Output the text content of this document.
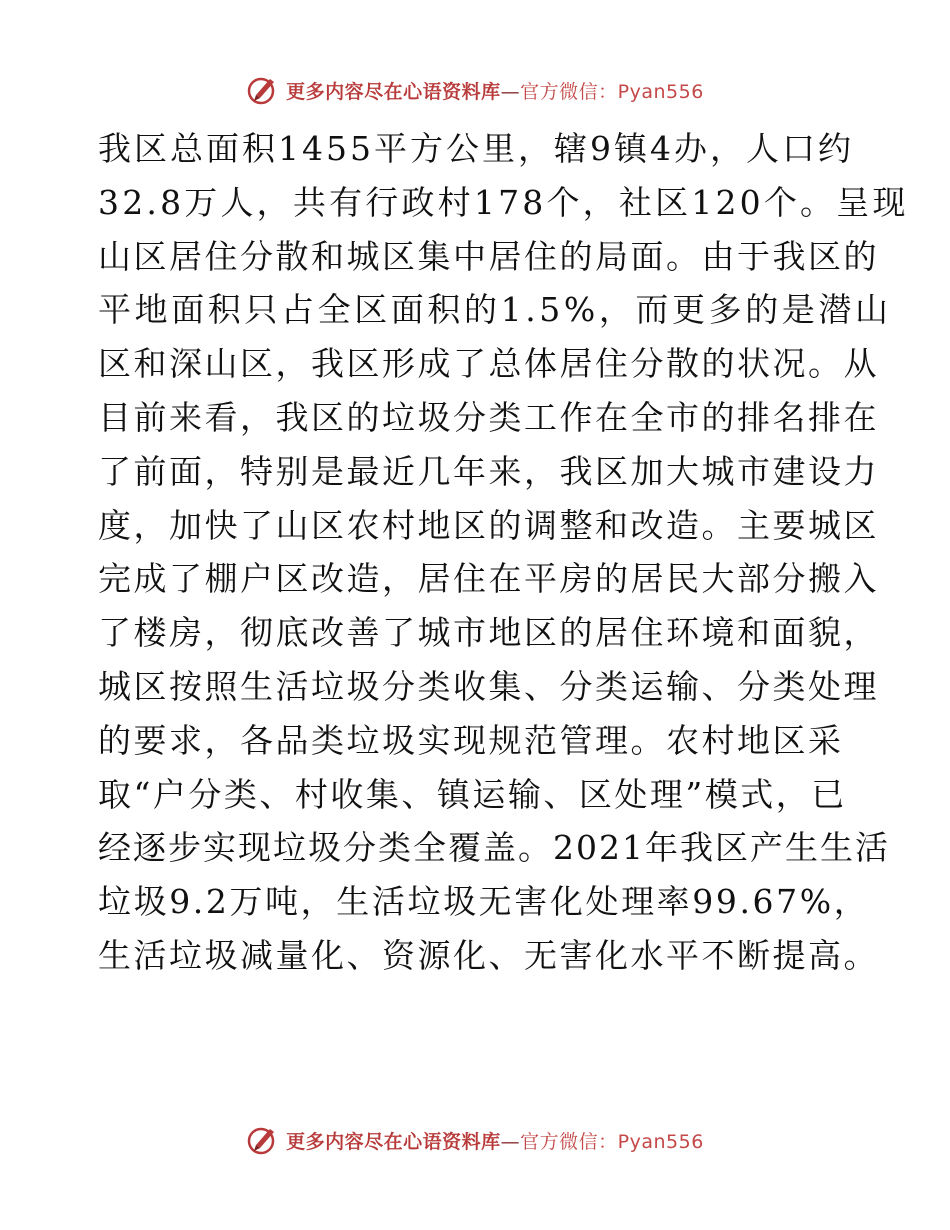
更多内容尽在心语资料库—官方微信：Pyan556
我区总面积1455平方公里，辖9镇4办，人口约
32.8万人，共有行政村178个，社区120个。呈现
山区居住分散和城区集中居住的局面。由于我区的
平地面积只占全区面积的1.5%，而更多的是潜山
区和深山区，我区形成了总体居住分散的状况。从
目前来看，我区的垃圾分类工作在全市的排名排在
了前面，特别是最近几年来，我区加大城市建设力
度，加快了山区农村地区的调整和改造。主要城区
完成了棚户区改造，居住在平房的居民大部分搬入
了楼房，彻底改善了城市地区的居住环境和面貌，
城区按照生活垃圾分类收集、分类运输、分类处理
的要求，各品类垃圾实现规范管理。农村地区采
取“户分类、村收集、镇运输、区处理”模式，已
经逐步实现垃圾分类全覆盖。2021年我区产生生活
垃圾9.2万吨，生活垃圾无害化处理率99.67%，
生活垃圾减量化、资源化、无害化水平不断提高。
更多内容尽在心语资料库—官方微信：Pyan556
